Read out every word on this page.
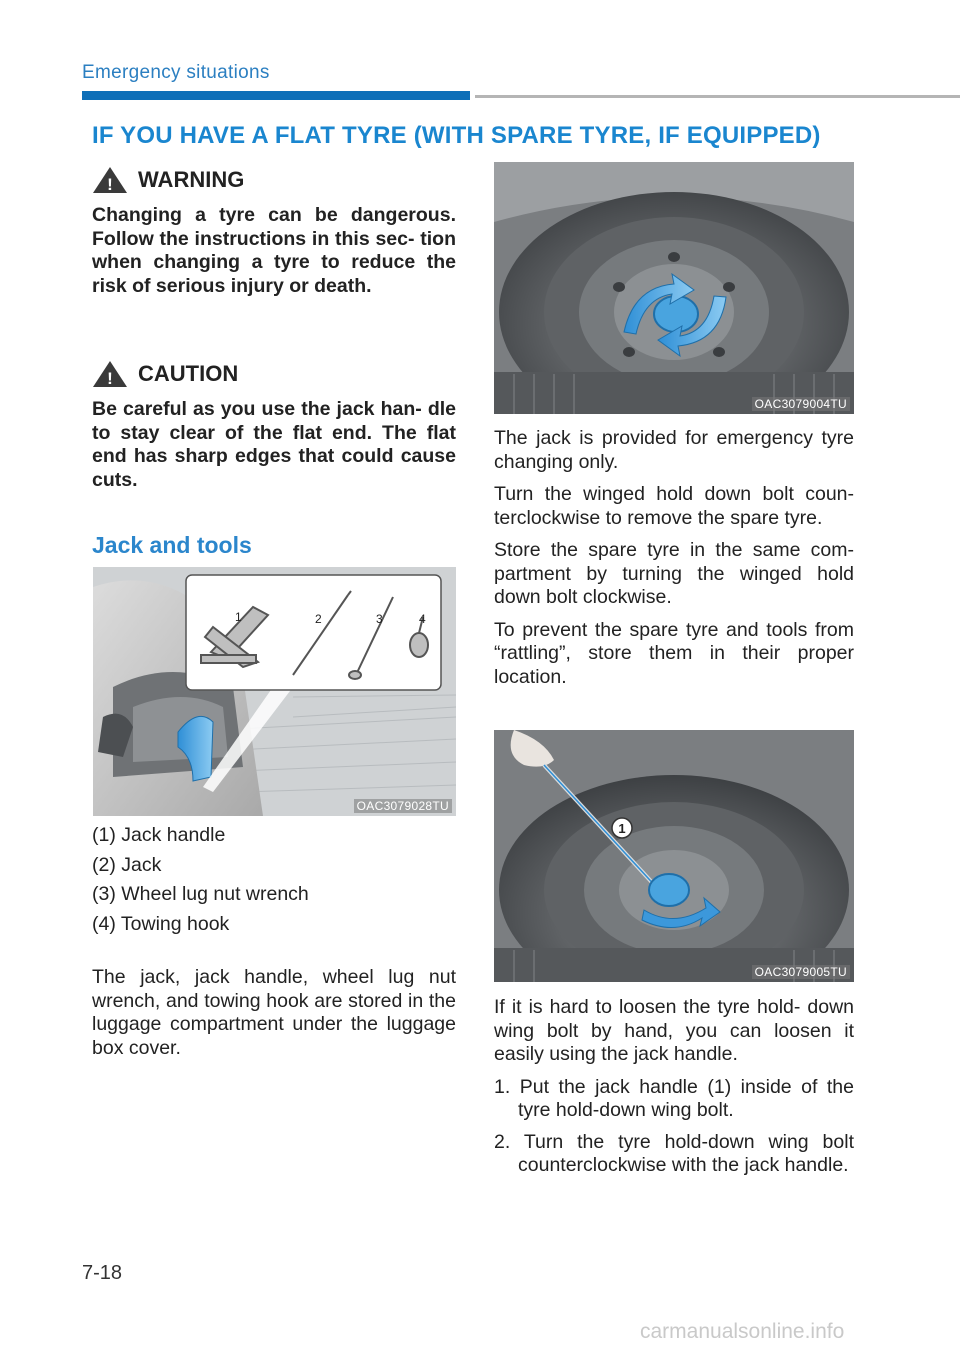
Emergency situations
IF YOU HAVE A FLAT TYRE (WITH SPARE TYRE, IF EQUIPPED)
! WARNING
Changing a tyre can be dangerous. Follow the instructions in this sec- tion when changing a tyre to reduce the risk of serious injury or death.
! CAUTION
Be careful as you use the jack han- dle to stay clear of the flat end. The flat end has sharp edges that could cause cuts.
Jack and tools
1	2	3	4
OAC3079028TU
(1) Jack handle
(2) Jack
(3) Wheel lug nut wrench
(4) Towing hook
The jack, jack handle, wheel lug nut wrench, and towing hook are stored in the luggage compartment under the luggage box cover.
OAC3079004TU

The jack is provided for emergency tyre changing only.

Turn the winged hold down bolt coun- terclockwise to remove the spare tyre.

Store the spare tyre in the same com- partment by turning the winged hold down bolt clockwise.

To prevent the spare tyre and tools from “rattling”, store them in their proper location.

1
OAC3079005TU

If it is hard to loosen the tyre hold- down wing bolt by hand, you can loosen it easily using the jack handle.

1. Put the jack handle (1) inside of the tyre hold-down wing bolt.

2. Turn the tyre hold-down wing bolt counterclockwise with the jack handle.

7-18
carmanualsonline.info
